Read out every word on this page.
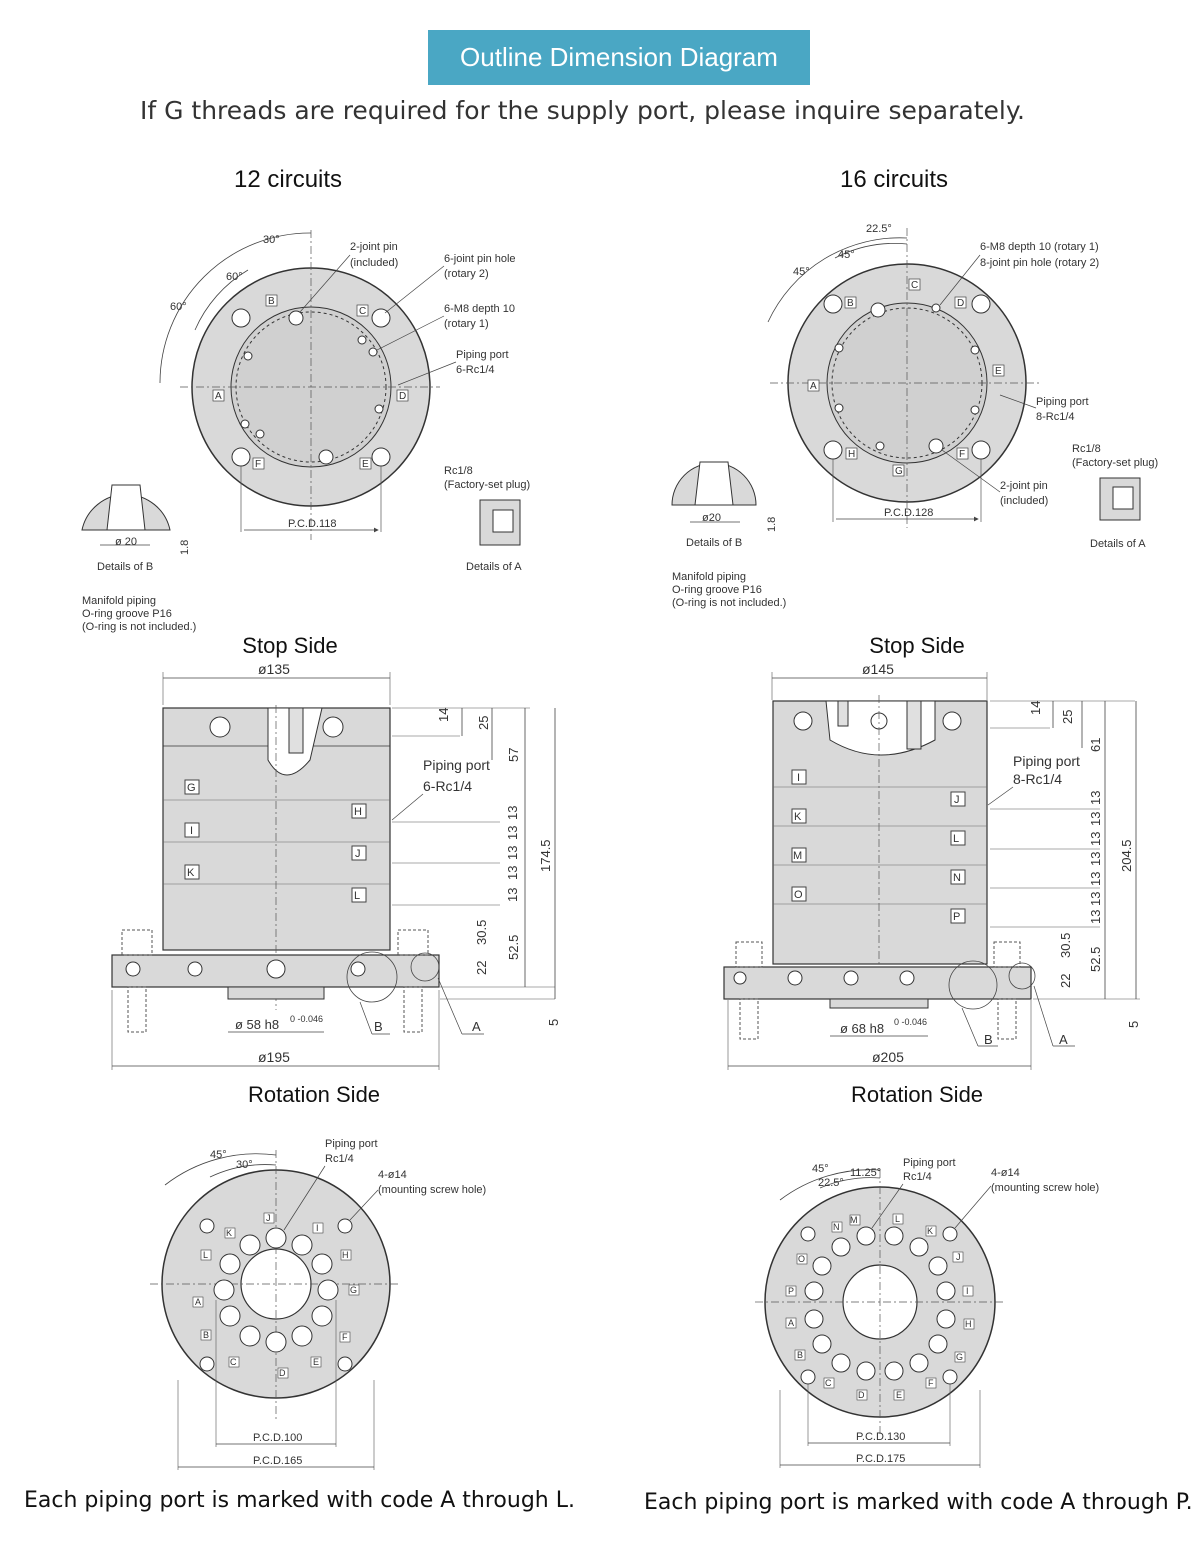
Outline Dimension Diagram
If G threads are required for the supply port, please inquire separately.
12 circuits	16 circuits
Stop Side	Stop Side
Rotation Side	Rotation Side
Each piping port is marked with code A through L.	Each piping port is marked with code A through P.
30°
60°
60°
2-joint pin
(included)	6-joint pin hole
(rotary 2)
6-M8 depth 10
(rotary 1)
Piping port
6-Rc1/4
B
C
A	D
F	E
P.C.D.118
ø 20	1.8
Details of B
Manifold piping
O-ring groove P16
(O-ring is not included.)
Rc1/8
(Factory-set plug)
Details of A
22.5°
45°
45°
6-M8 depth 10 (rotary 1)
8-joint pin hole (rotary 2)
Piping port
8-Rc1/4
2-joint pin
(included)
B
C
D
A
E
H
G
F
P.C.D.128
ø20	1.8
Details of B
Manifold piping
O-ring groove P16
(O-ring is not included.)
Rc1/8
(Factory-set plug)
Details of A
ø135
G
I
K
H
J
L
Piping port
6-Rc1/4
14
25
57
13
13
13
13
13
174.5
30.5
52.5
22
5
ø 58 h8 0 -0.046
ø195
B	A
ø145
I
K
M
O
J
L
N
P
Piping port
8-Rc1/4
14
25
61
13
13
13
13
13
13
13
204.5
30.5
52.5
22
5
ø 68 h8 0 -0.046
ø205
B	A
45°
30°
Piping port
Rc1/4
4-ø14
(mounting screw hole)
J
K	I
L	H
A
G
B	F
C	E
D
P.C.D.100
P.C.D.165
45°
22.5°
11.25°
Piping port
Rc1/4	4-ø14
(mounting screw hole)
N
M	L
K
O	J
P	I
A	H
B	G
C
D	E
F
P.C.D.130
P.C.D.175
